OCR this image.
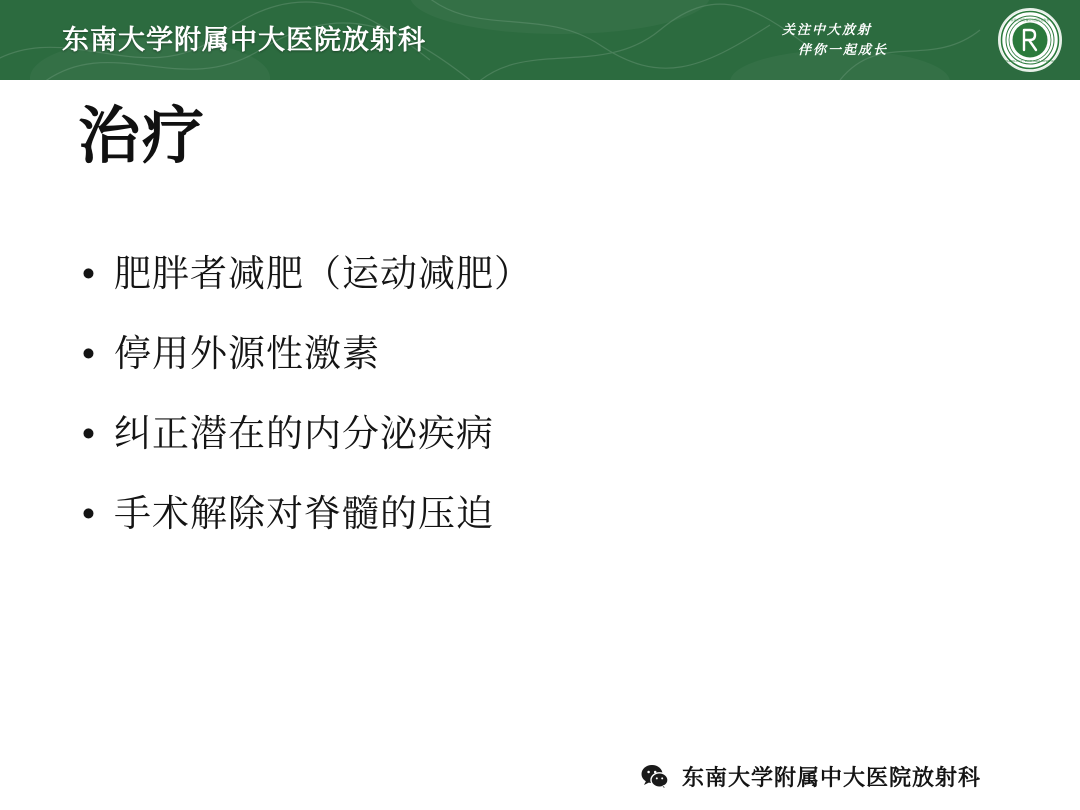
东南大学附属中大医院放射科	关注中大放射
伴你一起成长
东南大学附属中大医院放射科
RADIOLOGY · ZHONGDA HOSPITAL
治疗
• 肥胖者减肥（运动减肥）
• 停用外源性激素
• 纠正潜在的内分泌疾病
• 手术解除对脊髓的压迫
东南大学附属中大医院放射科
